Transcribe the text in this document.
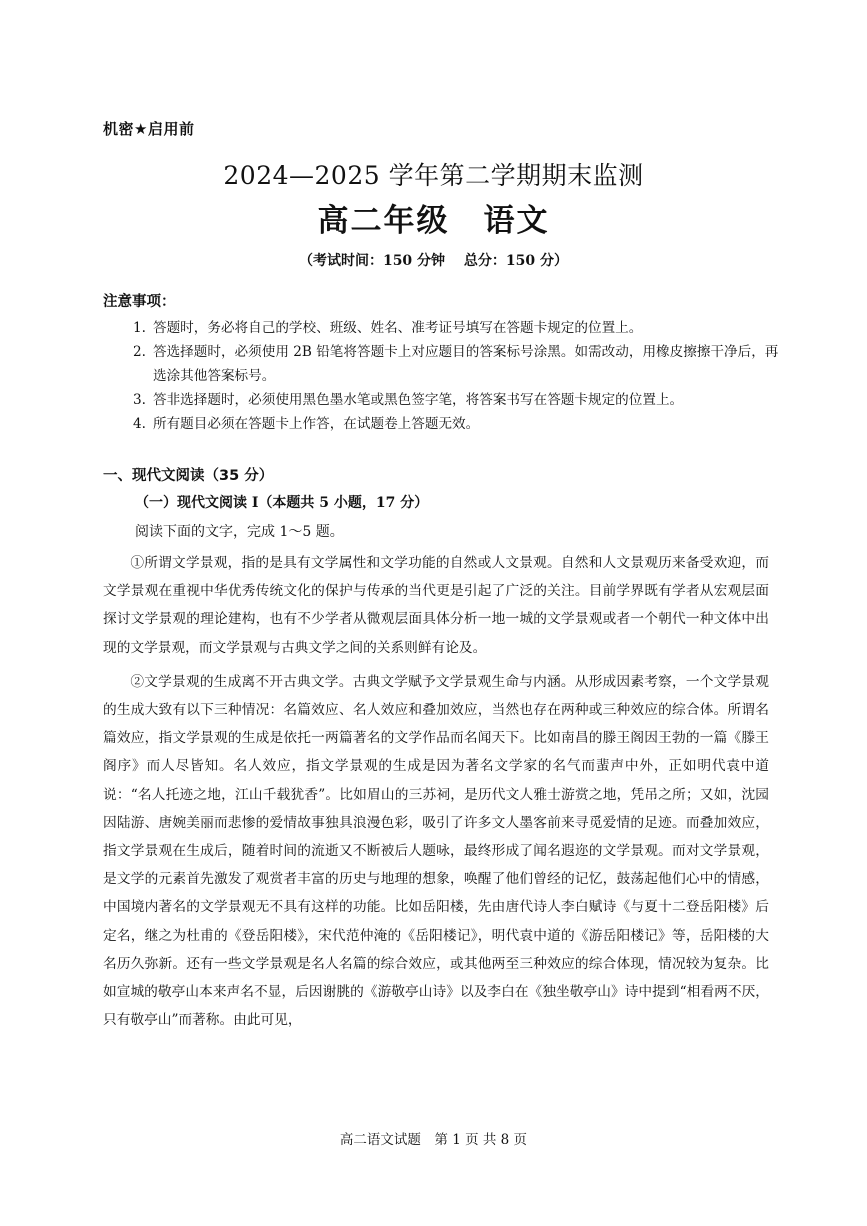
机密★启用前
2024—2025 学年第二学期期末监测
高二年级 语文
（考试时间：150 分钟　 总分：150 分）
注意事项：
1. 答题时，务必将自己的学校、班级、姓名、准考证号填写在答题卡规定的位置上。
2. 答选择题时，必须使用 2B 铅笔将答题卡上对应题目的答案标号涂黑。如需改动，用橡皮擦擦干净后，再选涂其他答案标号。
3. 答非选择题时，必须使用黑色墨水笔或黑色签字笔，将答案书写在答题卡规定的位置上。
4. 所有题目必须在答题卡上作答，在试题卷上答题无效。
一、现代文阅读（35 分）
（一）现代文阅读 I（本题共 5 小题，17 分）
阅读下面的文字，完成 1～5 题。

①所谓文学景观，指的是具有文学属性和文学功能的自然或人文景观。自然和人文景观历来备受欢迎，而文学景观在重视中华优秀传统文化的保护与传承的当代更是引起了广泛的关注。目前学界既有学者从宏观层面探讨文学景观的理论建构，也有不少学者从微观层面具体分析一地一城的文学景观或者一个朝代一种文体中出现的文学景观，而文学景观与古典文学之间的关系则鲜有论及。

②文学景观的生成离不开古典文学。古典文学赋予文学景观生命与内涵。从形成因素考察，一个文学景观的生成大致有以下三种情况：名篇效应、名人效应和叠加效应，当然也存在两种或三种效应的综合体。所谓名篇效应，指文学景观的生成是依托一两篇著名的文学作品而名闻天下。比如南昌的滕王阁因王勃的一篇《滕王阁序》而人尽皆知。名人效应，指文学景观的生成是因为著名文学家的名气而蜚声中外，正如明代袁中道说：“名人托迹之地，江山千载犹香”。比如眉山的三苏祠，是历代文人雅士游赏之地，凭吊之所；又如，沈园因陆游、唐婉美丽而悲惨的爱情故事独具浪漫色彩，吸引了许多文人墨客前来寻觅爱情的足迹。而叠加效应，指文学景观在生成后，随着时间的流逝又不断被后人题咏，最终形成了闻名遐迩的文学景观。而对文学景观，是文学的元素首先激发了观赏者丰富的历史与地理的想象，唤醒了他们曾经的记忆，鼓荡起他们心中的情感，中国境内著名的文学景观无不具有这样的功能。比如岳阳楼，先由唐代诗人李白赋诗《与夏十二登岳阳楼》后定名，继之为杜甫的《登岳阳楼》，宋代范仲淹的《岳阳楼记》，明代袁中道的《游岳阳楼记》等，岳阳楼的大名历久弥新。还有一些文学景观是名人名篇的综合效应，或其他两至三种效应的综合体现，情况较为复杂。比如宣城的敬亭山本来声名不显，后因谢朓的《游敬亭山诗》以及李白在《独坐敬亭山》诗中提到“相看两不厌，只有敬亭山”而著称。由此可见，

高二语文试题　第 1 页 共 8 页
